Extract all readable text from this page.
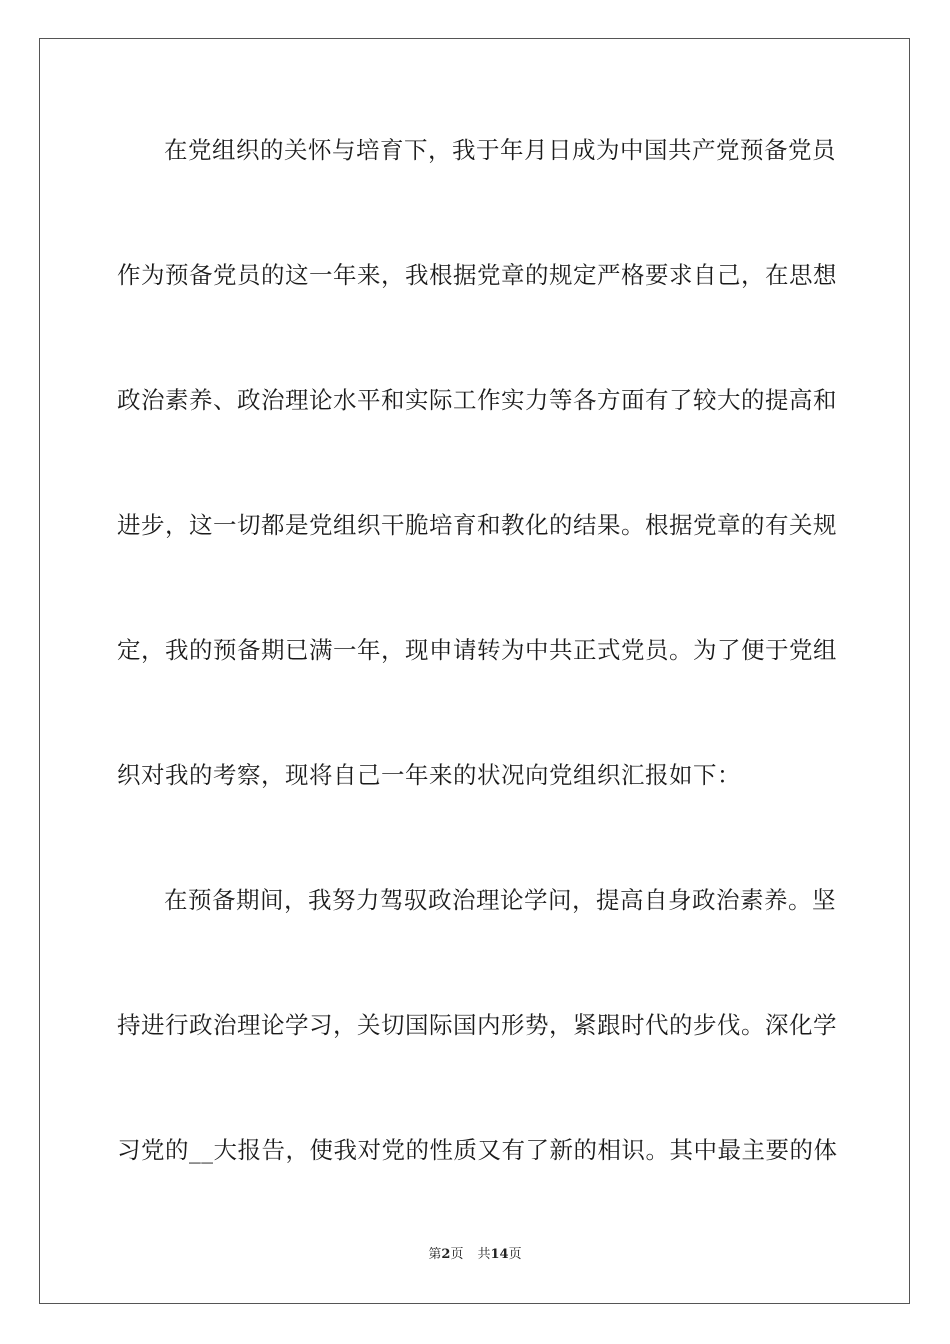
在党组织的关怀与培育下，我于年月日成为中国共产党预备党员
作为预备党员的这一年来，我根据党章的规定严格要求自己，在思想
政治素养、政治理论水平和实际工作实力等各方面有了较大的提高和
进步，这一切都是党组织干脆培育和教化的结果。根据党章的有关规
定，我的预备期已满一年，现申请转为中共正式党员。为了便于党组
织对我的考察，现将自己一年来的状况向党组织汇报如下：
在预备期间，我努力驾驭政治理论学问，提高自身政治素养。坚
持进行政治理论学习，关切国际国内形势，紧跟时代的步伐。深化学
习党的__大报告，使我对党的性质又有了新的相识。其中最主要的体
第2页 共14页
